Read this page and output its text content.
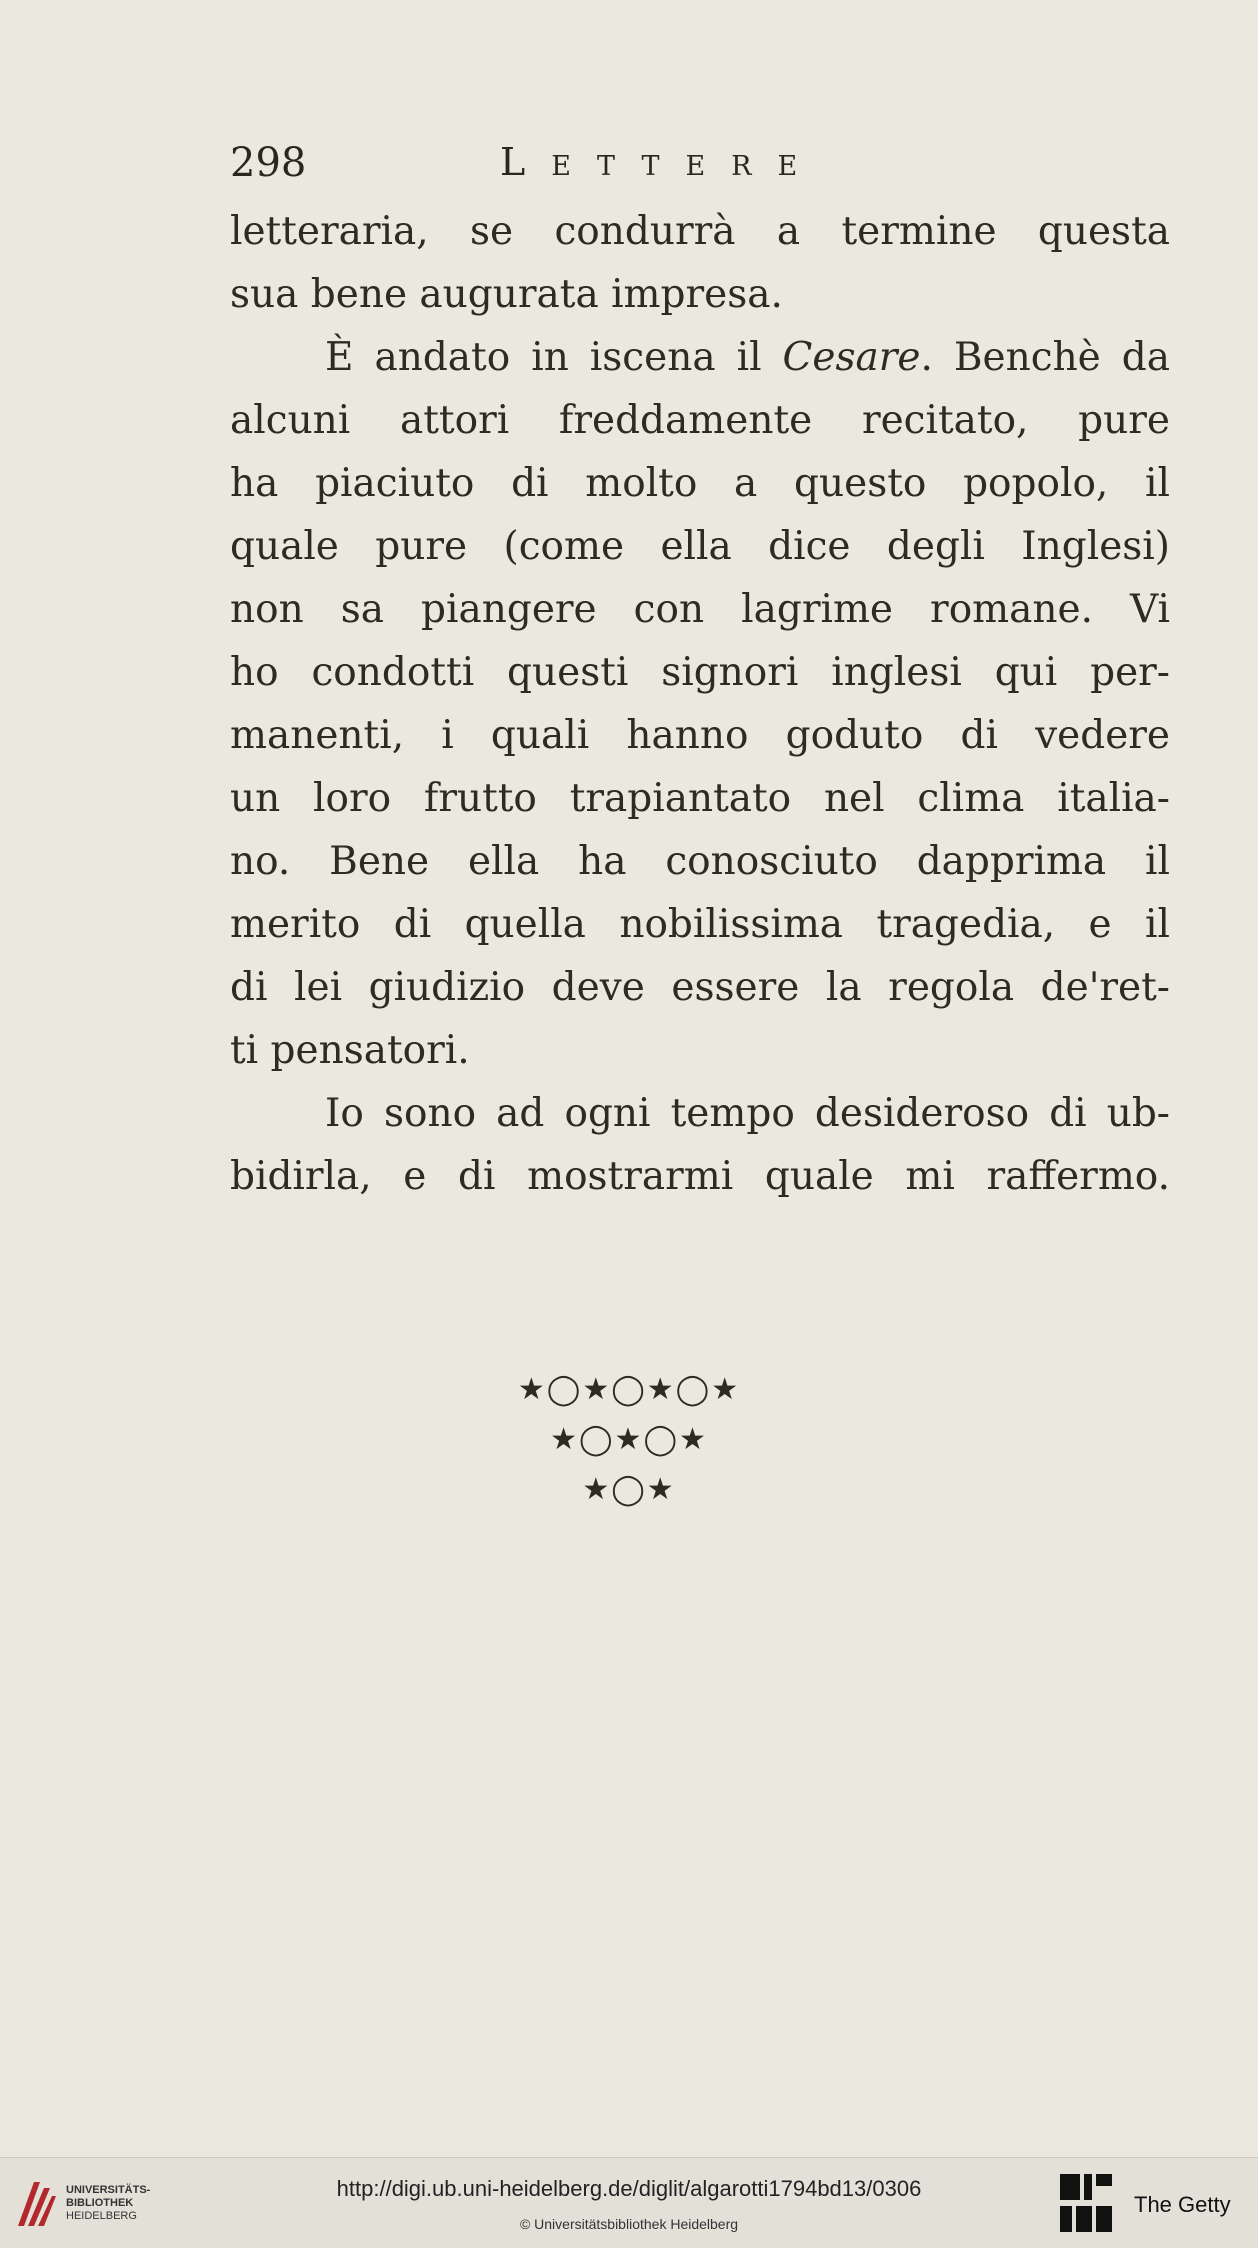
298	Lettere
letteraria, se condurrà a termine questa
sua bene augurata impresa.
È andato in iscena il Cesare. Benchè da
alcuni attori freddamente recitato, pure
ha piaciuto di molto a questo popolo, il
quale pure (come ella dice degli Inglesi)
non sa piangere con lagrime romane. Vi
ho condotti questi signori inglesi qui per-
manenti, i quali hanno goduto di vedere
un loro frutto trapiantato nel clima italia-
no. Bene ella ha conosciuto dapprima il
merito di quella nobilissima tragedia, e il
di lei giudizio deve essere la regola de'ret-
ti pensatori.
Io sono ad ogni tempo desideroso di ub-
bidirla, e di mostrarmi quale mi raffermo.
★◯★◯★◯★
★◯★◯★
★◯★
UNIVERSITÄTS-
BIBLIOTHEK
HEIDELBERG
http://digi.ub.uni-heidelberg.de/diglit/algarotti1794bd13/0306
© Universitätsbibliothek Heidelberg
The Getty
